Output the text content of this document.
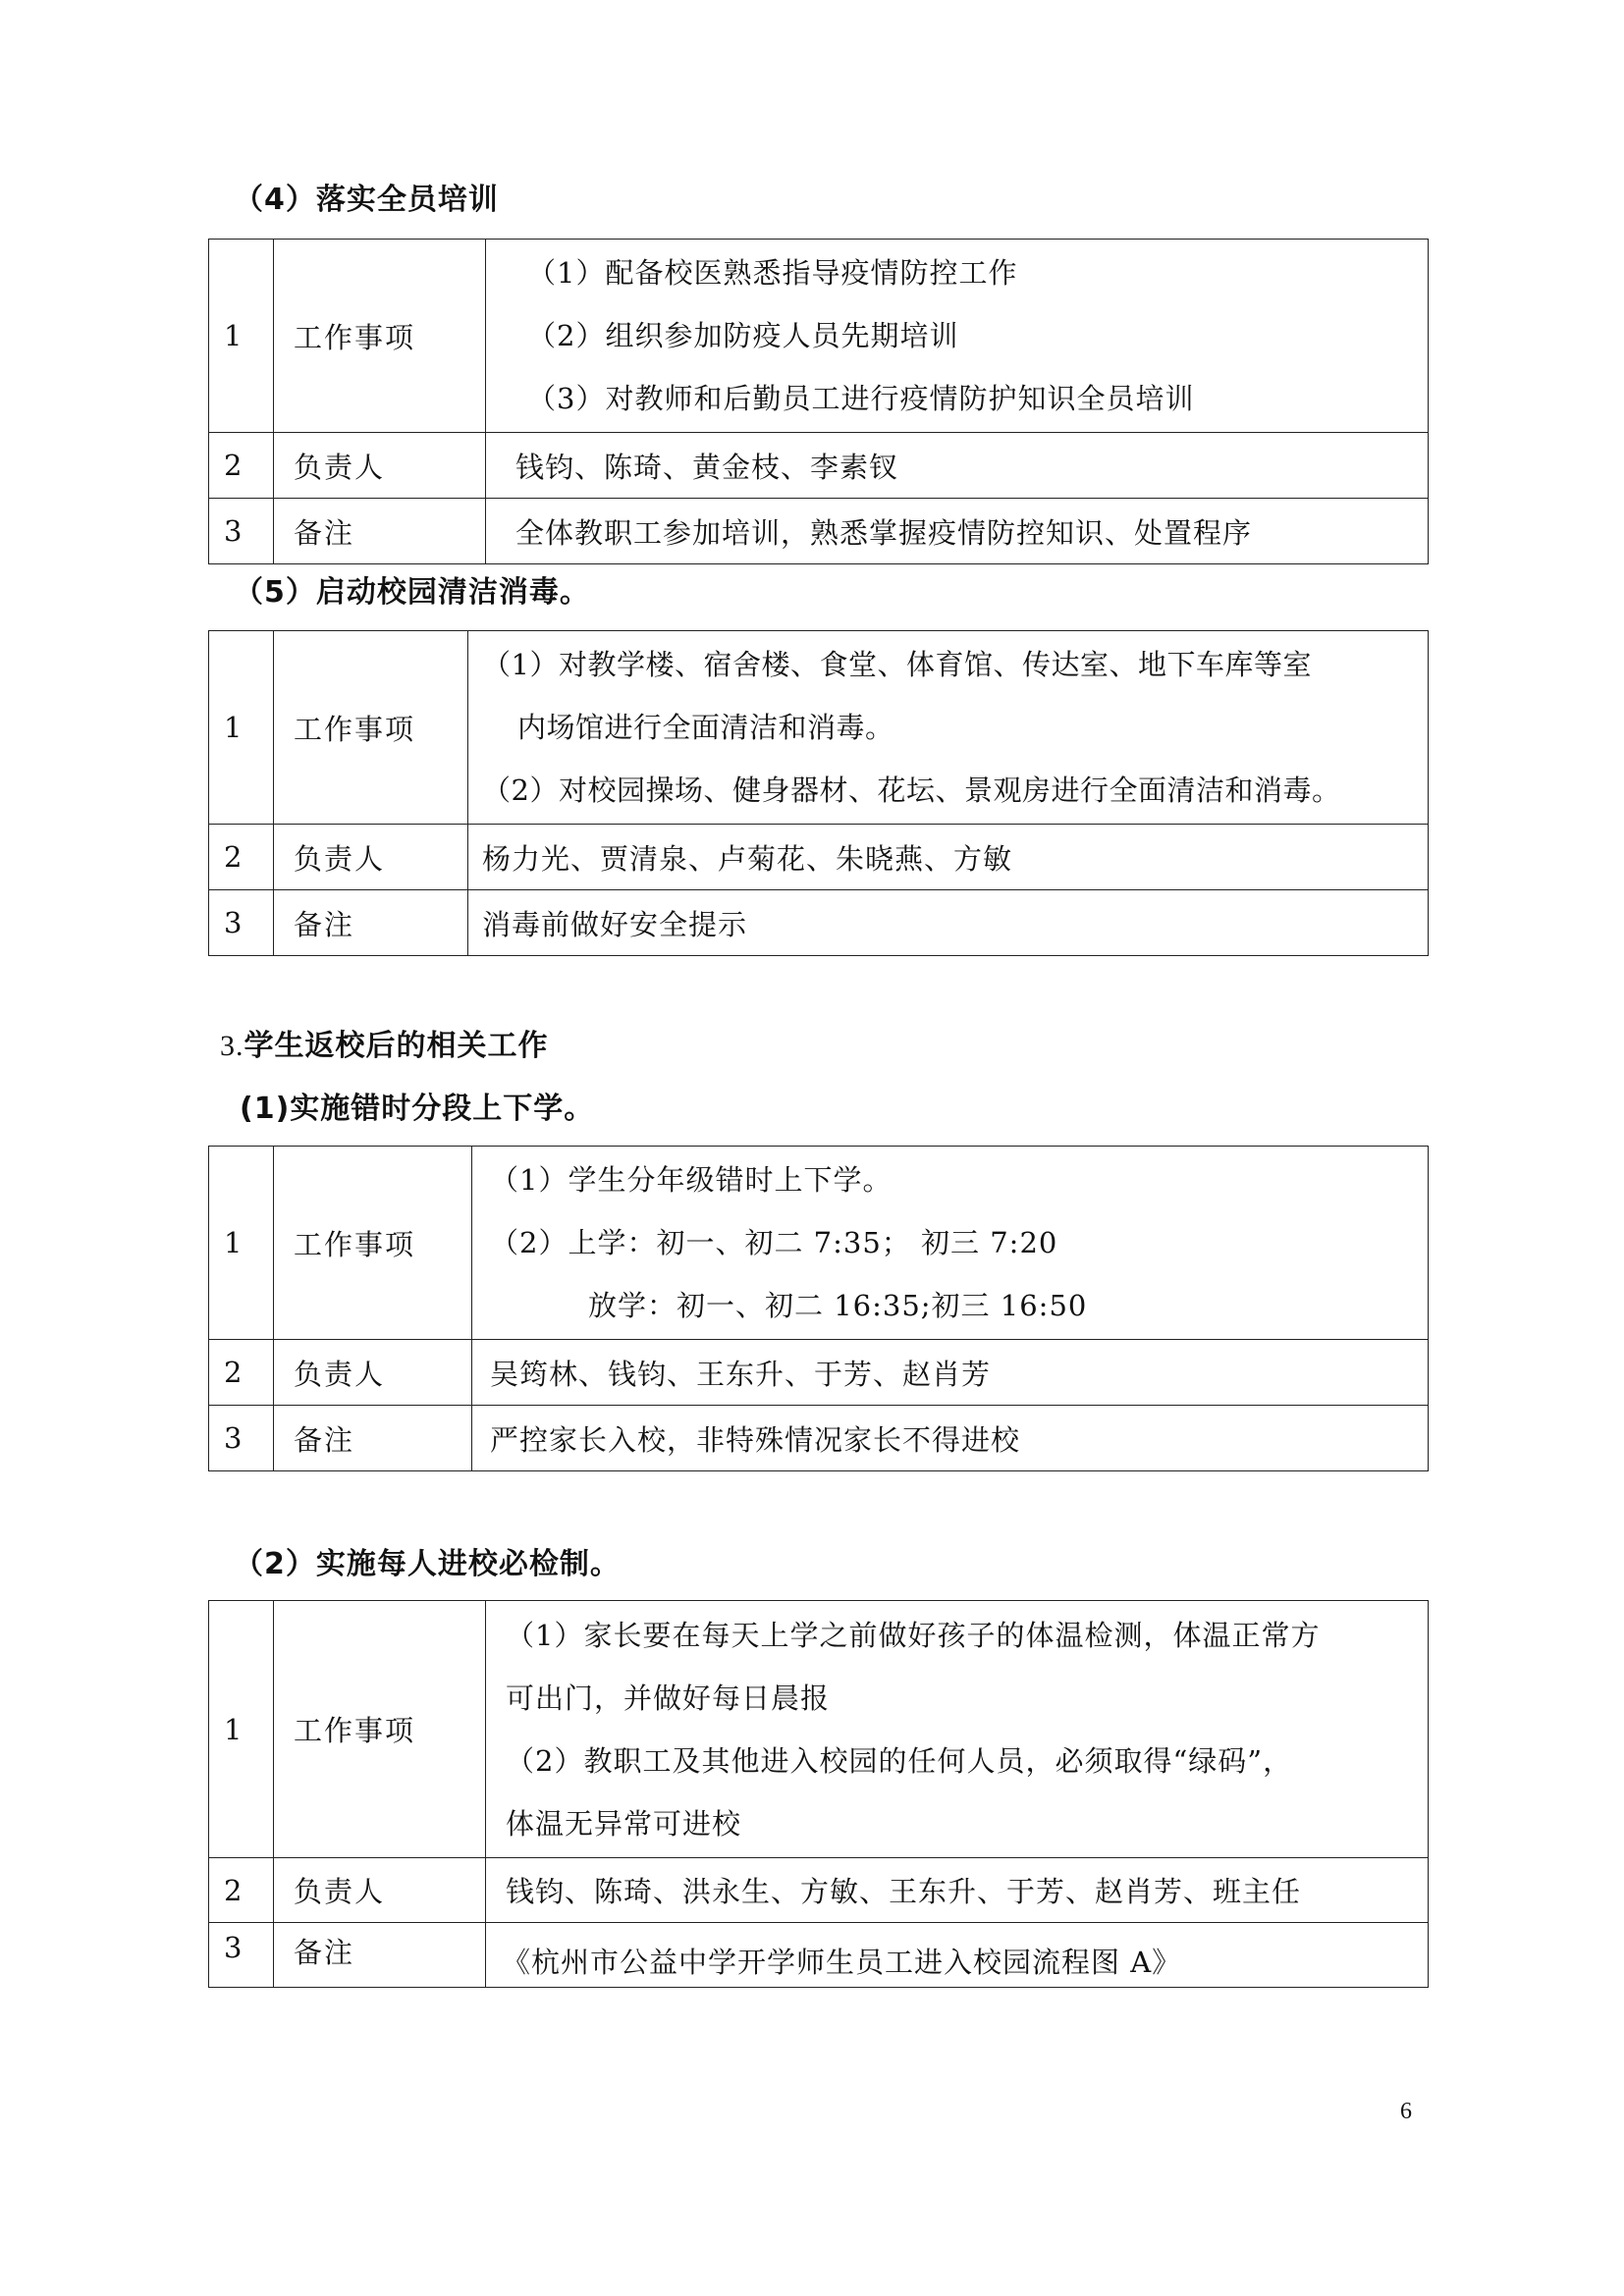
（4）落实全员培训
1	工作事项	（1）配备校医熟悉指导疫情防控工作
（2）组织参加防疫人员先期培训
（3）对教师和后勤员工进行疫情防护知识全员培训

2	负责人	钱钧、陈琦、黄金枝、李素钗
3	备注	全体教职工参加培训，熟悉掌握疫情防控知识、处置程序
（5）启动校园清洁消毒。
1	工作事项	（1）对教学楼、宿舍楼、食堂、体育馆、传达室、地下车库等室
内场馆进行全面清洁和消毒。
（2）对校园操场、健身器材、花坛、景观房进行全面清洁和消毒。

2	负责人	杨力光、贾清泉、卢菊花、朱晓燕、方敏
3	备注	消毒前做好安全提示
3.学生返校后的相关工作
(1)实施错时分段上下学。
1	工作事项	（1）学生分年级错时上下学。
（2）上学：初一、初二 7:35； 初三 7:20
放学：初一、初二 16:35;初三 16:50

2	负责人	吴筠林、钱钧、王东升、于芳、赵肖芳
3	备注	严控家长入校，非特殊情况家长不得进校
（2）实施每人进校必检制。
1	工作事项	（1）家长要在每天上学之前做好孩子的体温检测，体温正常方
可出门，并做好每日晨报
（2）教职工及其他进入校园的任何人员，必须取得“绿码”，
体温无异常可进校

2	负责人	钱钧、陈琦、洪永生、方敏、王东升、于芳、赵肖芳、班主任
3	备注	《杭州市公益中学开学师生员工进入校园流程图 A》
6
